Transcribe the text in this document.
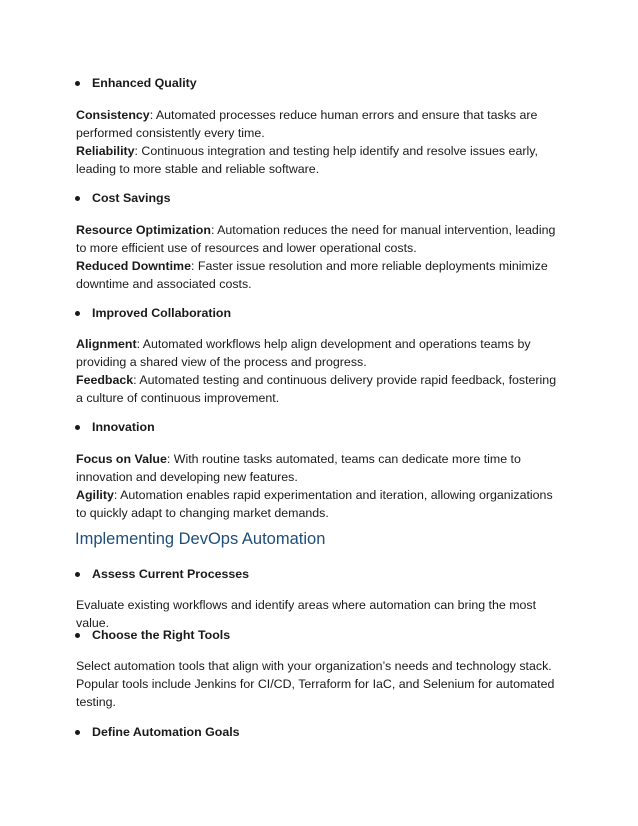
Enhanced Quality
Consistency: Automated processes reduce human errors and ensure that tasks are performed consistently every time.
Reliability: Continuous integration and testing help identify and resolve issues early, leading to more stable and reliable software.
Cost Savings
Resource Optimization: Automation reduces the need for manual intervention, leading to more efficient use of resources and lower operational costs.
Reduced Downtime: Faster issue resolution and more reliable deployments minimize downtime and associated costs.
Improved Collaboration
Alignment: Automated workflows help align development and operations teams by providing a shared view of the process and progress.
Feedback: Automated testing and continuous delivery provide rapid feedback, fostering a culture of continuous improvement.
Innovation
Focus on Value: With routine tasks automated, teams can dedicate more time to innovation and developing new features.
Agility: Automation enables rapid experimentation and iteration, allowing organizations to quickly adapt to changing market demands.
Implementing DevOps Automation
Assess Current Processes
Evaluate existing workflows and identify areas where automation can bring the most value.
Choose the Right Tools
Select automation tools that align with your organization’s needs and technology stack. Popular tools include Jenkins for CI/CD, Terraform for IaC, and Selenium for automated testing.
Define Automation Goals
